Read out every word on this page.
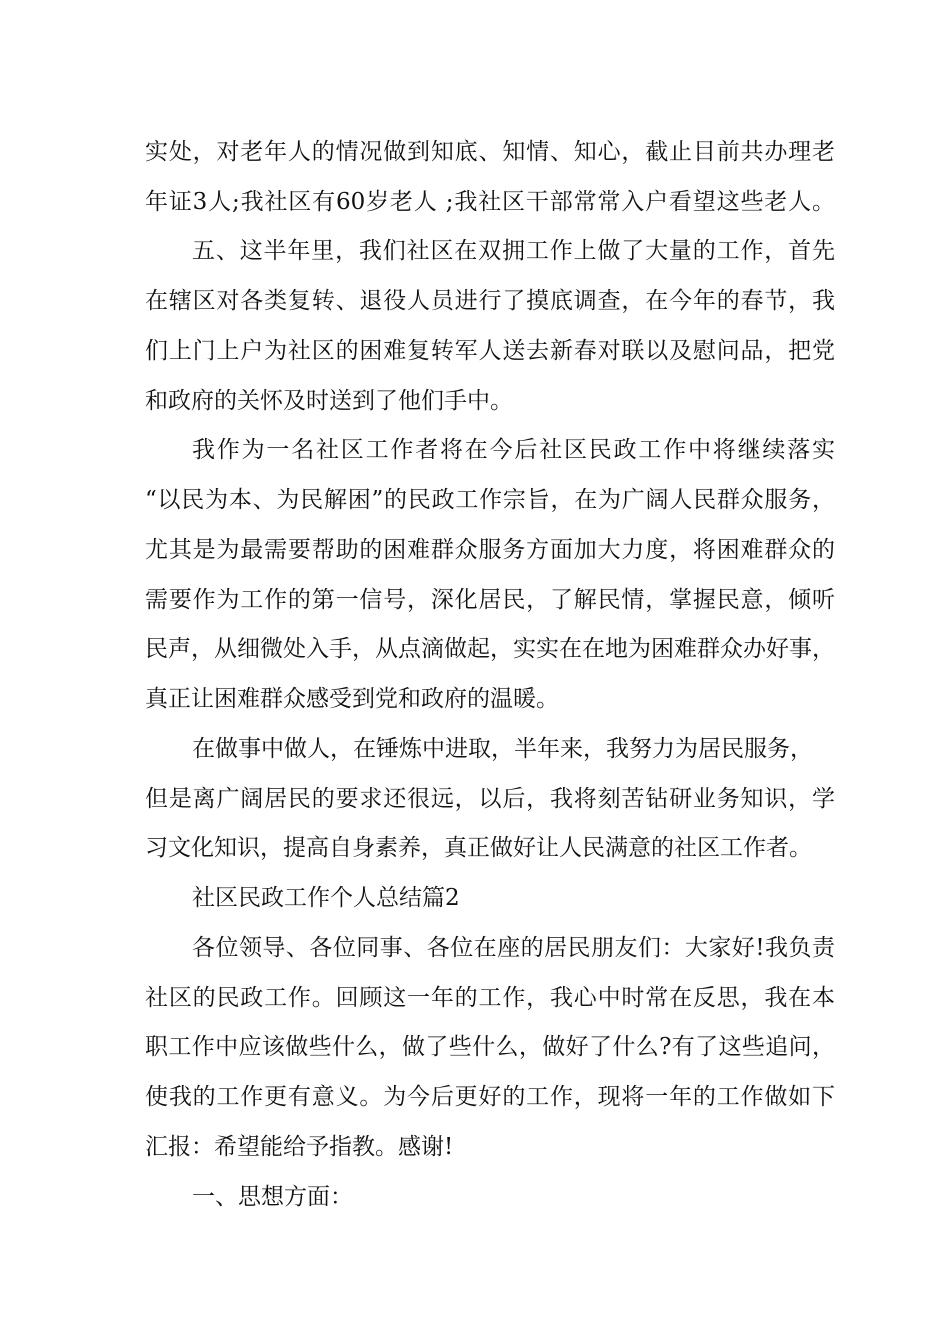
实处，对老年人的情况做到知底、知情、知心，截止目前共办理老
年证3人;我社区有60岁老人 ;我社区干部常常入户看望这些老人。
五、这半年里，我们社区在双拥工作上做了大量的工作，首先
在辖区对各类复转、退役人员进行了摸底调查，在今年的春节，我
们上门上户为社区的困难复转军人送去新春对联以及慰问品，把党
和政府的关怀及时送到了他们手中。
我作为一名社区工作者将在今后社区民政工作中将继续落实
“以民为本、为民解困”的民政工作宗旨，在为广阔人民群众服务，
尤其是为最需要帮助的困难群众服务方面加大力度，将困难群众的
需要作为工作的第一信号，深化居民，了解民情，掌握民意，倾听
民声，从细微处入手，从点滴做起，实实在在地为困难群众办好事，
真正让困难群众感受到党和政府的温暖。
在做事中做人，在锤炼中进取，半年来，我努力为居民服务，
但是离广阔居民的要求还很远，以后，我将刻苦钻研业务知识，学
习文化知识，提高自身素养，真正做好让人民满意的社区工作者。
社区民政工作个人总结篇2
各位领导、各位同事、各位在座的居民朋友们：大家好!我负责
社区的民政工作。回顾这一年的工作，我心中时常在反思，我在本
职工作中应该做些什么，做了些什么，做好了什么?有了这些追问，
使我的工作更有意义。为今后更好的工作，现将一年的工作做如下
汇报：希望能给予指教。感谢!
一、思想方面：
